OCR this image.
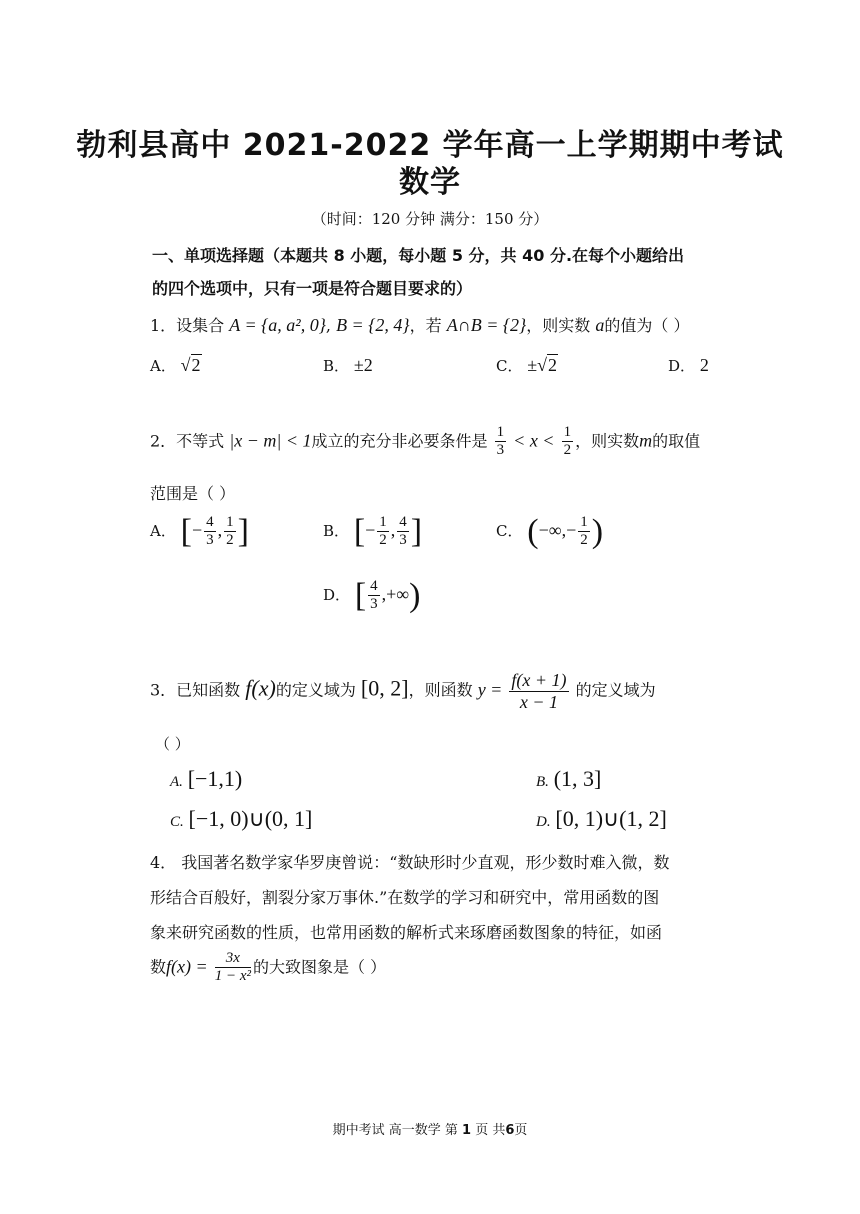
勃利县高中 2021-2022 学年高一上学期期中考试
数学
（时间：120 分钟 满分：150 分）
一、单项选择题（本题共 8 小题，每小题 5 分，共 40 分.在每个小题给出
的四个选项中，只有一项是符合题目要求的）
1．设集合 A = {a, a², 0}, B = {2, 4}，若 A∩B = {2}，则实数 a的值为（ ）
A． √2	B． ±2	C． ±√2	D． 2
2．不等式 |x − m| < 1成立的充分非必要条件是 $\frac{1}{3} < x < \frac{1}{2}$ ，则实数m的取值
范围是（ ）
A． [− $\frac{4}{3}$ , $\frac{1}{2}$ ]	B． [− $\frac{1}{2}$ , $\frac{4}{3}$ ]	C． (−∞,− $\frac{1}{2}$ )
D． [ $\frac{4}{3}$ ,+∞)
3．已知函数 f(x)的定义域为 [0, 2]，则函数 $y = \frac{f(x + 1)}{x - 1}$ 的定义域为
（ ）
A. [−1,1)	B. (1, 3]
C. [−1, 0)∪(0, 1]	D. [0, 1)∪(1, 2]
4． 我国著名数学家华罗庚曾说：“数缺形时少直观，形少数时难入微，数
形结合百般好，割裂分家万事休.”在数学的学习和研究中，常用函数的图
象来研究函数的性质，也常用函数的解析式来琢磨函数图象的特征，如函
数$f(x) = \frac{3x}{\text{1 − x²}}$ 的大致图象是（ ）
期中考试 高一数学 第 1 页 共6页
